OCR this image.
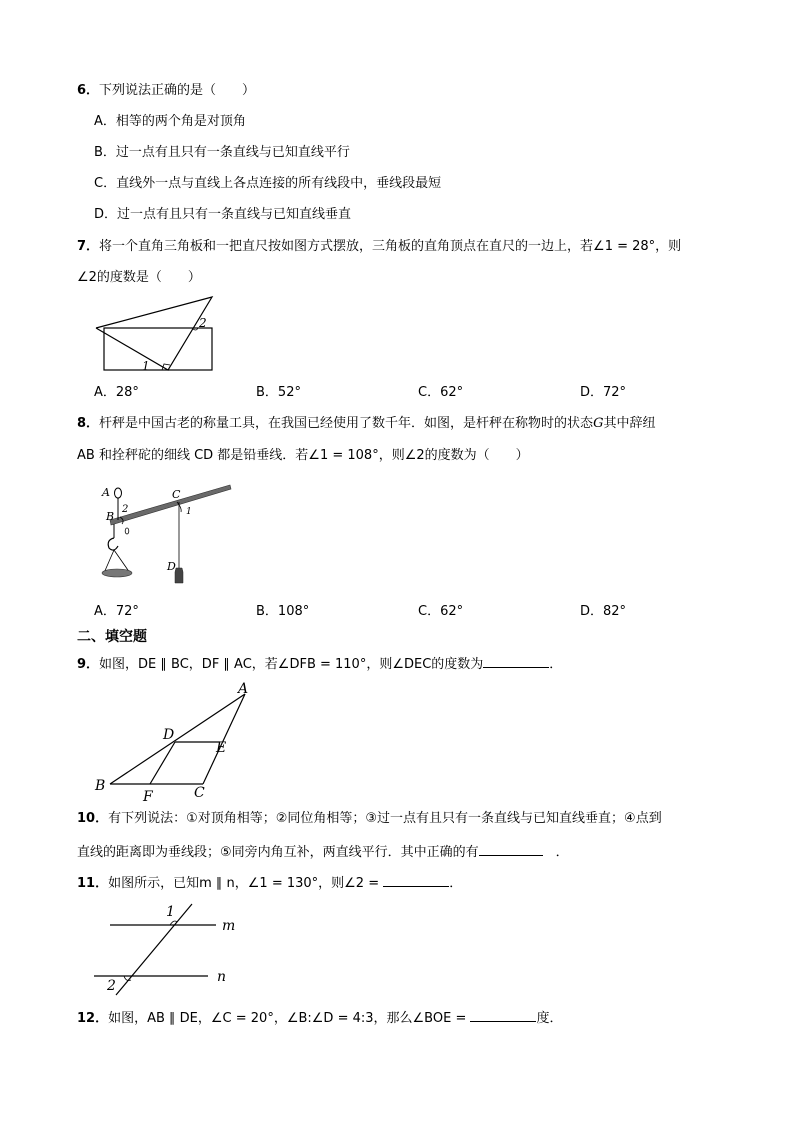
6．下列说法正确的是（　　）
A．相等的两个角是对顶角
B．过一点有且只有一条直线与已知直线平行
C．直线外一点与直线上各点连接的所有线段中，垂线段最短
D．过一点有且只有一条直线与已知直线垂直
7．将一个直角三角板和一把直尺按如图方式摆放，三角板的直角顶点在直尺的一边上，若∠1 = 28°，则
∠2的度数是（　　）
1
2
A．28°	B．52°	C．62°	D．72°
8．杆秤是中国古老的称量工具，在我国已经使用了数千年．如图，是杆秤在称物时的状态G其中辞纽
AB 和拴秤砣的细线 CD 都是铅垂线．若∠1 = 108°，则∠2的度数为（　　）
A
B
2
C
1
D
A．72°	B．108°	C．62°	D．82°
二、填空题
9．如图，DE ∥ BC，DF ∥ AC，若∠DFB = 110°，则∠DEC的度数为	．
A
D
E
B
F	C
10．有下列说法：①对顶角相等；②同位角相等；③过一点有且只有一条直线与已知直线垂直；④点到
直线的距离即为垂线段；⑤同旁内角互补，两直线平行．其中正确的有	　．
11．如图所示，已知m ∥ n，∠1 = 130°，则∠2 =	．
1
m
n
2
12．如图，AB ∥ DE，∠C = 20°，∠B:∠D = 4:3，那么∠BOE =	度．
